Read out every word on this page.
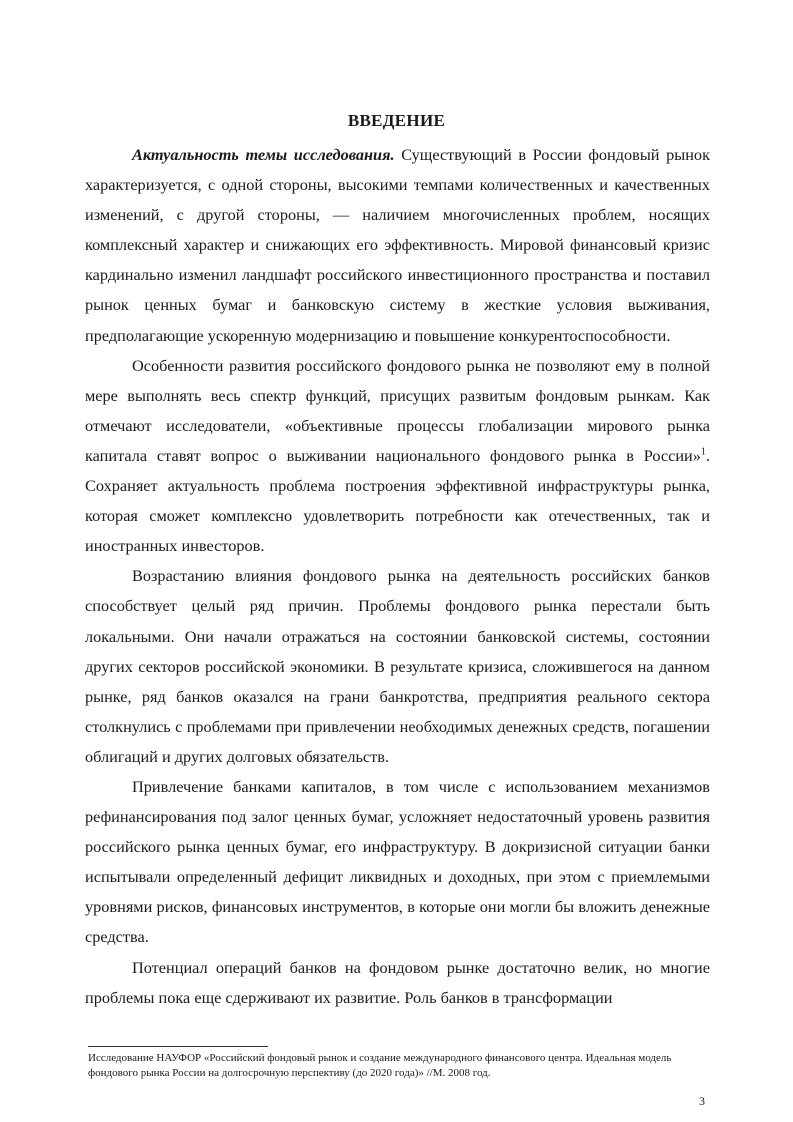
ВВЕДЕНИЕ

Актуальность темы исследования. Существующий в России фондовый рынок характеризуется, с одной стороны, высокими темпами количественных и качественных изменений, с другой стороны, — наличием многочисленных проблем, носящих комплексный характер и снижающих его эффективность. Мировой финансовый кризис кардинально изменил ландшафт российского инвестиционного пространства и поставил рынок ценных бумаг и банковскую систему в жесткие условия выживания, предполагающие ускоренную модернизацию и повышение конкурентоспособности.

Особенности развития российского фондового рынка не позволяют ему в полной мере выполнять весь спектр функций, присущих развитым фондовым рынкам. Как отмечают исследователи, «объективные процессы глобализации мирового рынка капитала ставят вопрос о выживании национального фондового рынка в России»$^1$. Сохраняет актуальность проблема построения эффективной инфраструктуры рынка, которая сможет комплексно удовлетворить потребности как отечественных, так и иностранных инвесторов.

Возрастанию влияния фондового рынка на деятельность российских банков способствует целый ряд причин. Проблемы фондового рынка перестали быть локальными. Они начали отражаться на состоянии банковской системы, состоянии других секторов российской экономики. В результате кризиса, сложившегося на данном рынке, ряд банков оказался на грани банкротства, предприятия реального сектора столкнулись с проблемами при привлечении необходимых денежных средств, погашении облигаций и других долговых обязательств.

Привлечение банками капиталов, в том числе с использованием механизмов рефинансирования под залог ценных бумаг, усложняет недостаточный уровень развития российского рынка ценных бумаг, его инфраструктуру. В докризисной ситуации банки испытывали определенный дефицит ликвидных и доходных, при этом с приемлемыми уровнями рисков, финансовых инструментов, в которые они могли бы вложить денежные средства.

Потенциал операций банков на фондовом рынке достаточно велик, но многие проблемы пока еще сдерживают их развитие. Роль банков в трансформации

Исследование НАУФОР «Российский фондовый рынок и создание международного финансового центра. Идеальная модель фондового рынка России на долгосрочную перспективу (до 2020 года)» //М. 2008 год.
3
